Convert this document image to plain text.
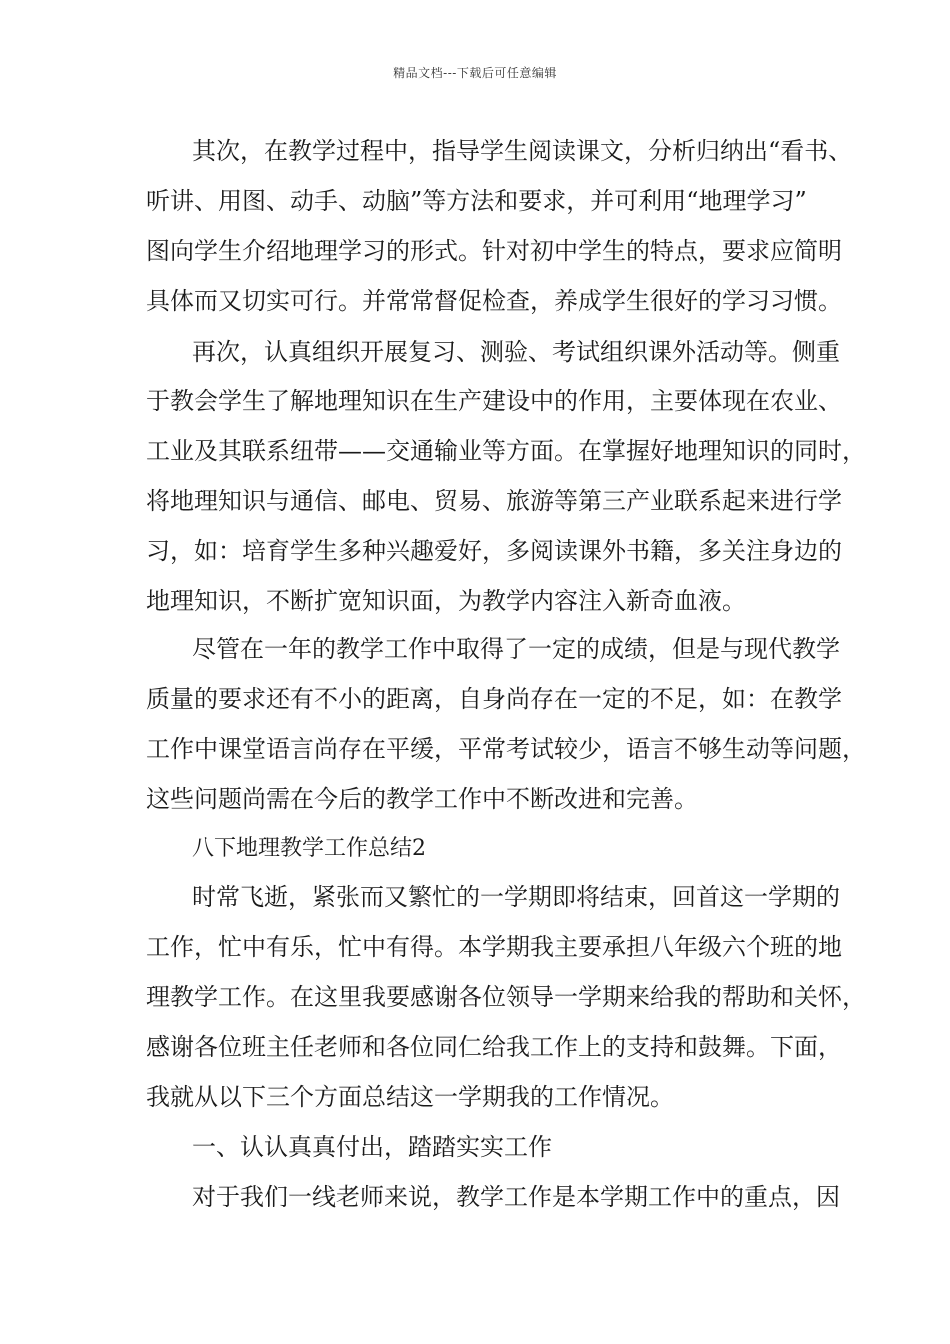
精品文档---下载后可任意编辑
其次，在教学过程中，指导学生阅读课文，分析归纳出“看书、
听讲、用图、动手、动脑”等方法和要求，并可利用“地理学习”
图向学生介绍地理学习的形式。针对初中学生的特点，要求应简明
具体而又切实可行。并常常督促检查，养成学生很好的学习习惯。
再次，认真组织开展复习、测验、考试组织课外活动等。侧重
于教会学生了解地理知识在生产建设中的作用，主要体现在农业、
工业及其联系纽带——交通输业等方面。在掌握好地理知识的同时，
将地理知识与通信、邮电、贸易、旅游等第三产业联系起来进行学
习，如：培育学生多种兴趣爱好，多阅读课外书籍，多关注身边的
地理知识，不断扩宽知识面，为教学内容注入新奇血液。
尽管在一年的教学工作中取得了一定的成绩，但是与现代教学
质量的要求还有不小的距离，自身尚存在一定的不足，如：在教学
工作中课堂语言尚存在平缓，平常考试较少，语言不够生动等问题，
这些问题尚需在今后的教学工作中不断改进和完善。
八下地理教学工作总结2
时常飞逝，紧张而又繁忙的一学期即将结束，回首这一学期的
工作，忙中有乐，忙中有得。本学期我主要承担八年级六个班的地
理教学工作。在这里我要感谢各位领导一学期来给我的帮助和关怀，
感谢各位班主任老师和各位同仁给我工作上的支持和鼓舞。下面，
我就从以下三个方面总结这一学期我的工作情况。
一、认认真真付出，踏踏实实工作
对于我们一线老师来说，教学工作是本学期工作中的重点，因
